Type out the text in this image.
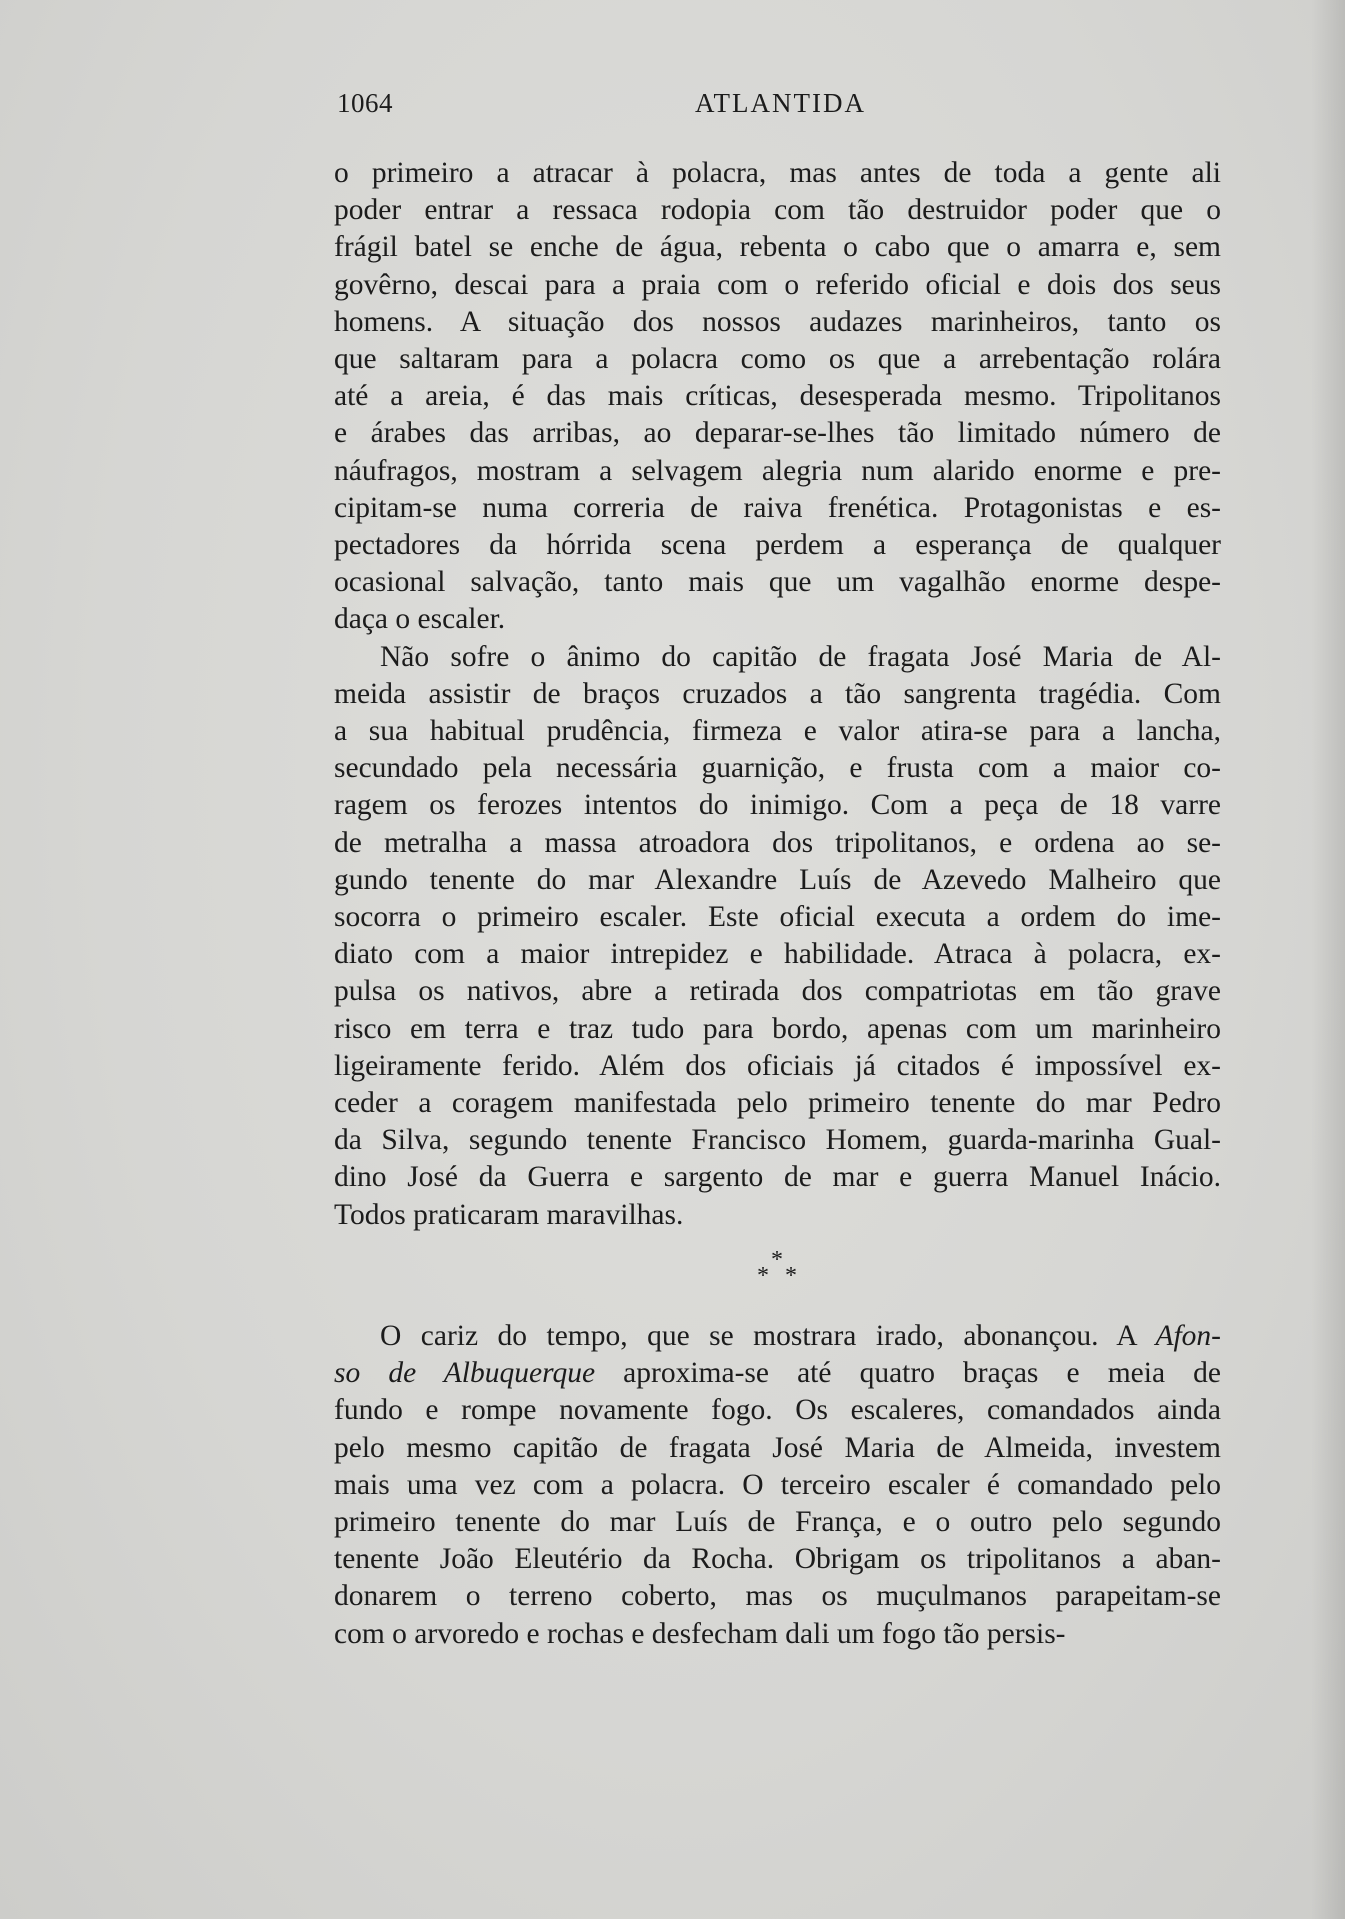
1064	ATLANTIDA

o primeiro a atracar à polacra, mas antes de toda a gente ali
poder entrar a ressaca rodopia com tão destruidor poder que o
frágil batel se enche de água, rebenta o cabo que o amarra e, sem
govêrno, descai para a praia com o referido oficial e dois dos seus
homens. A situação dos nossos audazes marinheiros, tanto os
que saltaram para a polacra como os que a arrebentação rolára
até a areia, é das mais críticas, desesperada mesmo. Tripolitanos
e árabes das arribas, ao deparar-se-lhes tão limitado número de
náufragos, mostram a selvagem alegria num alarido enorme e pre-
cipitam-se numa correria de raiva frenética. Protagonistas e es-
pectadores da hórrida scena perdem a esperança de qualquer
ocasional salvação, tanto mais que um vagalhão enorme despe-
daça o escaler.

Não sofre o ânimo do capitão de fragata José Maria de Al-
meida assistir de braços cruzados a tão sangrenta tragédia. Com
a sua habitual prudência, firmeza e valor atira-se para a lancha,
secundado pela necessária guarnição, e frusta com a maior co-
ragem os ferozes intentos do inimigo. Com a peça de 18 varre
de metralha a massa atroadora dos tripolitanos, e ordena ao se-
gundo tenente do mar Alexandre Luís de Azevedo Malheiro que
socorra o primeiro escaler. Este oficial executa a ordem do ime-
diato com a maior intrepidez e habilidade. Atraca à polacra, ex-
pulsa os nativos, abre a retirada dos compatriotas em tão grave
risco em terra e traz tudo para bordo, apenas com um marinheiro
ligeiramente ferido. Além dos oficiais já citados é impossível ex-
ceder a coragem manifestada pelo primeiro tenente do mar Pedro
da Silva, segundo tenente Francisco Homem, guarda-marinha Gual-
dino José da Guerra e sargento de mar e guerra Manuel Inácio.
Todos praticaram maravilhas.

*
* *

O cariz do tempo, que se mostrara irado, abonançou. A Afon-
so de Albuquerque aproxima-se até quatro braças e meia de
fundo e rompe novamente fogo. Os escaleres, comandados ainda
pelo mesmo capitão de fragata José Maria de Almeida, investem
mais uma vez com a polacra. O terceiro escaler é comandado pelo
primeiro tenente do mar Luís de França, e o outro pelo segundo
tenente João Eleutério da Rocha. Obrigam os tripolitanos a aban-
donarem o terreno coberto, mas os muçulmanos parapeitam-se
com o arvoredo e rochas e desfecham dali um fogo tão persis-
